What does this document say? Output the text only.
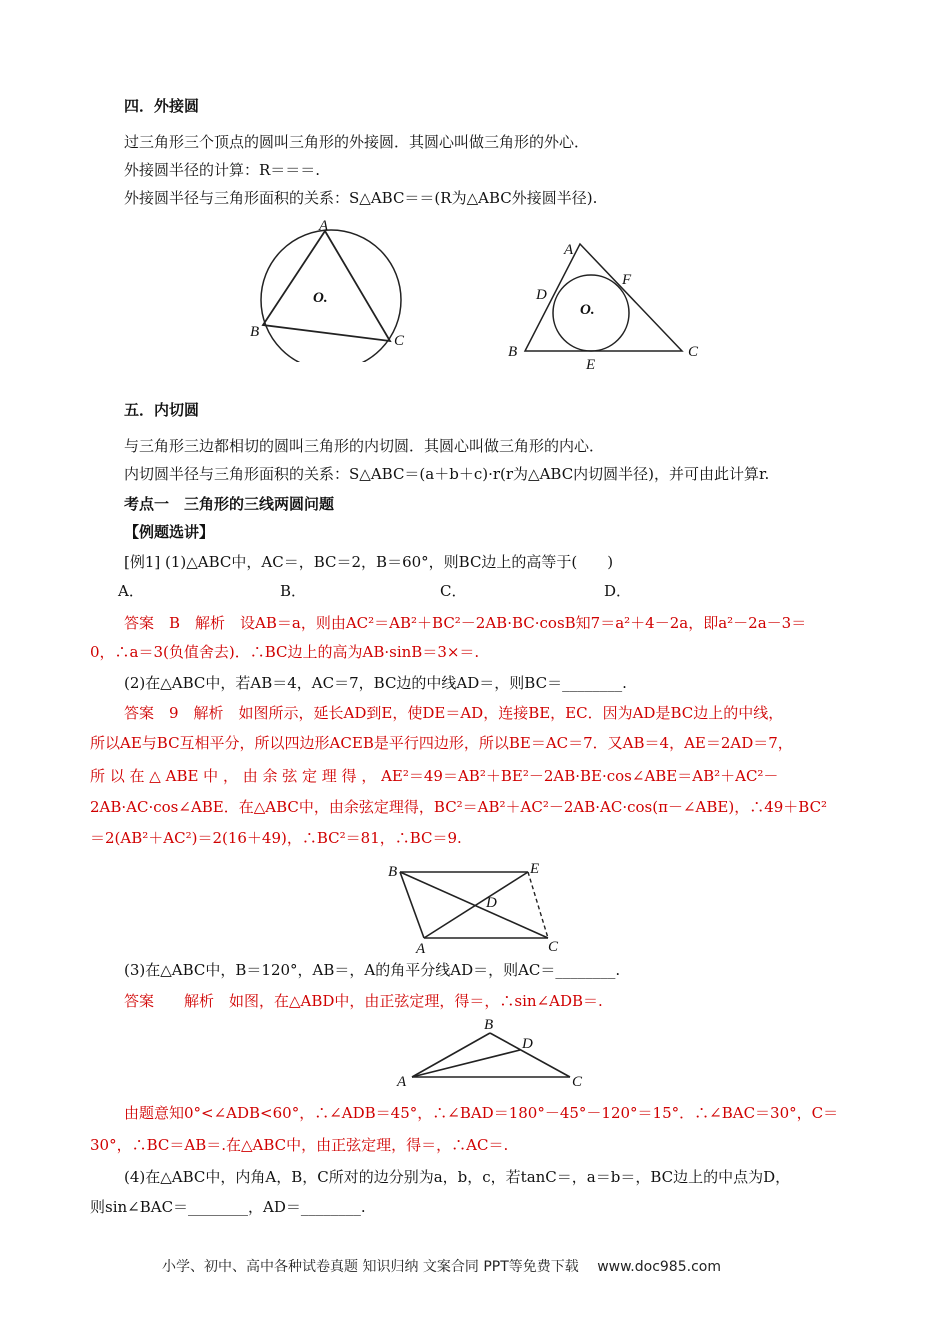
四．外接圆
过三角形三个顶点的圆叫三角形的外接圆．其圆心叫做三角形的外心．
外接圆半径的计算：R＝＝＝.
外接圆半径与三角形面积的关系：S△ABC＝＝(R为△ABC外接圆半径).
A
B
C
O.
A
B	C
D
E
F
O.
五．内切圆
与三角形三边都相切的圆叫三角形的内切圆．其圆心叫做三角形的内心．
内切圆半径与三角形面积的关系：S△ABC＝(a＋b＋c)·r(r为△ABC内切圆半径)，并可由此计算r.
考点一　三角形的三线两圆问题
【例题选讲】
[例1] (1)△ABC中，AC＝，BC＝2，B＝60°，则BC边上的高等于(　　)
A．	B．	C．	D．
答案　B　解析　设AB＝a，则由AC²＝AB²＋BC²－2AB·BC·cosB知7＝a²＋4－2a，即a²－2a－3＝
0，∴a＝3(负值舍去)．∴BC边上的高为AB·sinB＝3×＝.
(2)在△ABC中，若AB＝4，AC＝7，BC边的中线AD＝，则BC＝________.
答案　9　解析　如图所示，延长AD到E，使DE＝AD，连接BE，EC．因为AD是BC边上的中线，
所以AE与BC互相平分，所以四边形ACEB是平行四边形，所以BE＝AC＝7．又AB＝4，AE＝2AD＝7，
所 以 在 △ ABE 中 ， 由 余 弦 定 理 得 ， AE²＝49＝AB²＋BE²－2AB·BE·cos∠ABE＝AB²＋AC²－
2AB·AC·cos∠ABE．在△ABC中，由余弦定理得，BC²＝AB²＋AC²－2AB·AC·cos(π－∠ABE)，∴49＋BC²
＝2(AB²＋AC²)＝2(16＋49)，∴BC²＝81，∴BC＝9.
B	E
D
A	C
(3)在△ABC中，B＝120°，AB＝，A的角平分线AD＝，则AC＝________.
答案　　解析　如图，在△ABD中，由正弦定理，得＝，∴sin∠ADB＝.
B
D
A	C
由题意知0°<∠ADB<60°，∴∠ADB＝45°，∴∠BAD＝180°－45°－120°＝15°．∴∠BAC＝30°，C＝
30°，∴BC＝AB＝.在△ABC中，由正弦定理，得＝，∴AC＝.
(4)在△ABC中，内角A，B，C所对的边分别为a，b，c，若tanC＝，a＝b＝，BC边上的中点为D，
则sin∠BAC＝________，AD＝________.
小学、初中、高中各种试卷真题 知识归纳 文案合同 PPT等免费下载　 www.doc985.com
